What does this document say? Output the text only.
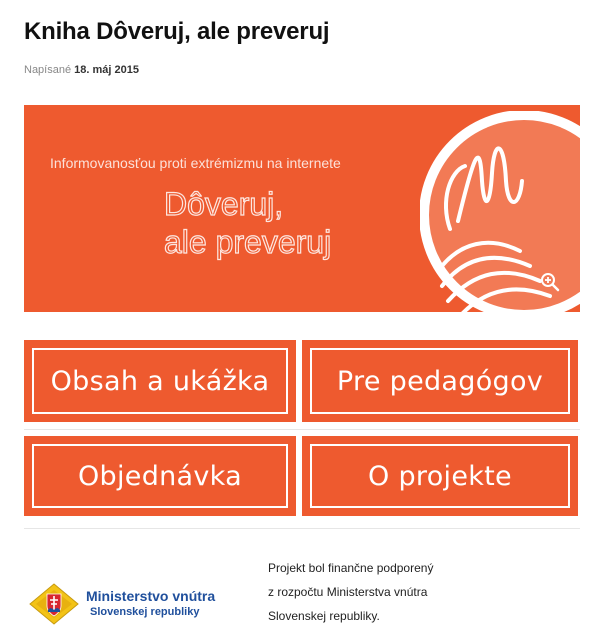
Kniha Dôveruj, ale preveruj
Napísané 18. máj 2015
Informovanosťou proti extrémizmu na internete
Dôveruj,
ale preveruj
Obsah a ukážka	Pre pedagógov
Objednávka	O projekte
Ministerstvo vnútra
Slovenskej republiky
Projekt bol finančne podporený
z rozpočtu Ministerstva vnútra
Slovenskej republiky.
